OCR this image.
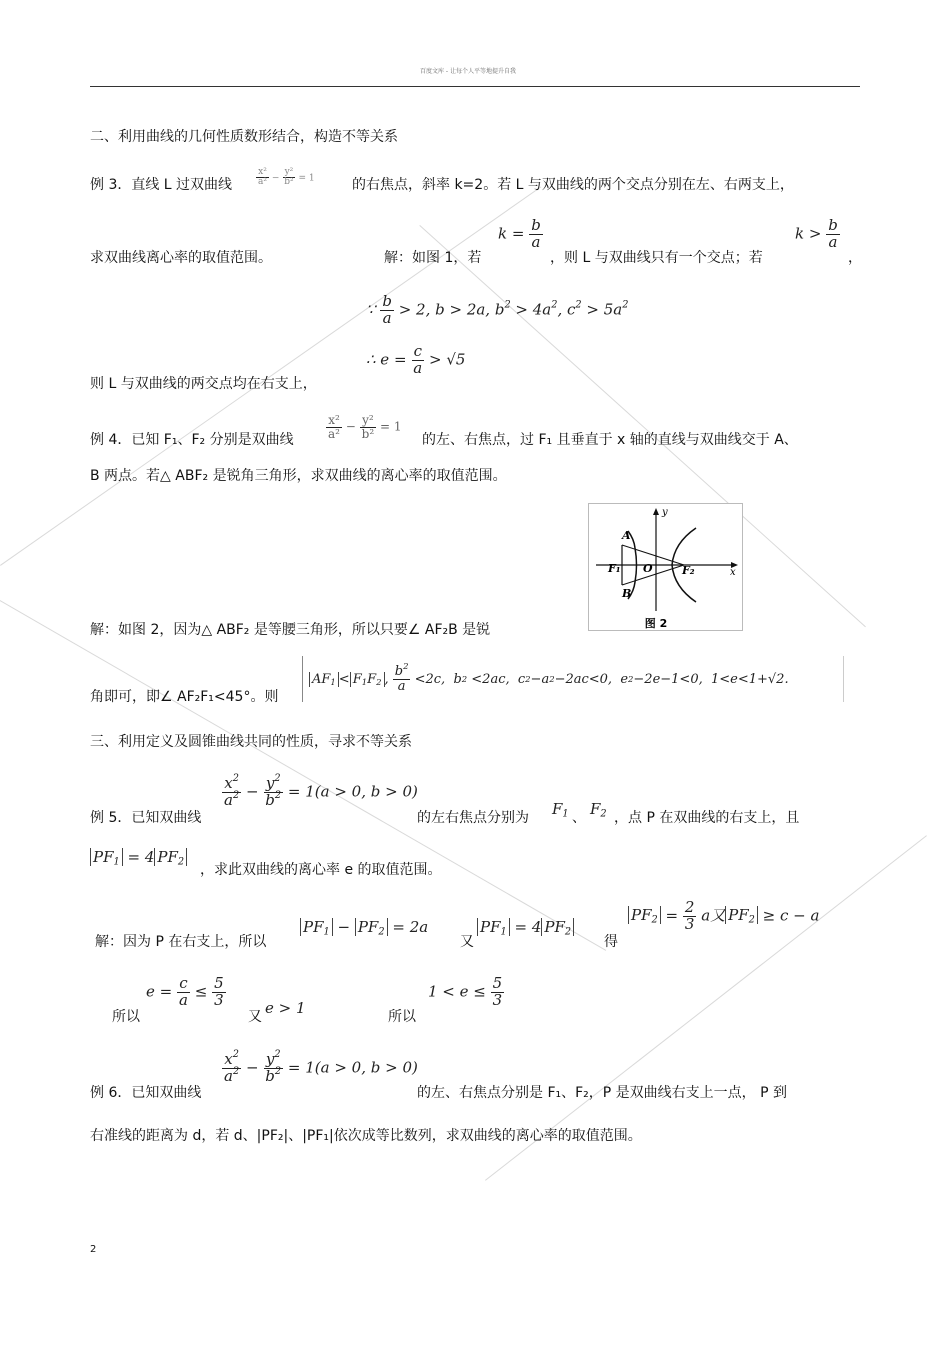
百度文库 - 让每个人平等地提升自我
二、利用曲线的几何性质数形结合，构造不等关系
例 3．直线 L 过双曲线	$\frac{\text{x²}}{\text{a²}} - \frac{\text{y²}}{\text{b²}} = 1$	的右焦点，斜率 k=2。若 L 与双曲线的两个交点分别在左、右两支上，
求双曲线离心率的取值范围。	解：如图 1，若
$k = \frac{b}{a}$
，则 L 与双曲线只有一个交点；若
$k > \frac{b}{a}$
，
∵ $\frac{b}{a} > 2$, b > 2a, $b^2 > 4a^2$, $c^2 > 5a^2$
∴ $e = \frac{c}{a} > √5$
则 L 与双曲线的两交点均在右支上，
例 4．已知 F₁、F₂ 分别是双曲线	$\frac{\text{x²}}{\text{a²}} - \frac{\text{y²}}{\text{b²}} = 1$
的左、右焦点，过 F₁ 且垂直于 x 轴的直线与双曲线交于 A、
B 两点。若△ ABF₂ 是锐角三角形，求双曲线的离心率的取值范围。
y
x
A
B
F₁ O	F₂
图 2
解：如图 2，因为△ ABF₂ 是等腰三角形，所以只要∠ AF₂B 是锐
角即可，即∠ AF₂F₁<45°。则
$AF_1 < F_1F_2$ , $\frac{b^2}{a} <2c$,  b 2 <2ac,  c 2 −a 2 −2ac<0,  e 2 −2e−1<0,  1<e<1+√2.
三、利用定义及圆锥曲线共同的性质，寻求不等关系
例 5．已知双曲线
$\frac{x^2}{a^2} - \frac{y^2}{b^2} = 1(a > 0$, b > 0)
的左右焦点分别为 $F_1$ 、 $F_2$ ，点 P 在双曲线的右支上，且
$PF_1 = 4$ $PF_2$
，求此双曲线的离心率 e 的取值范围。
解：因为 P 在右支上，所以
$PF_1 - PF_2 = 2a$
又
$PF_1 = 4$ $PF_2$
得
$PF_2 = \frac{2}{3}$ a又 $PF_2 \ge c - a$
所以
$e = \frac{c}{a} \le \frac{5}{3}$
又 e > 1	所以
$1 < e \le \frac{5}{3}$
例 6．已知双曲线
$\frac{x^2}{a^2} - \frac{y^2}{b^2} = 1(a > 0$, b > 0)
的左、右焦点分别是 F₁、F₂，P 是双曲线右支上一点， P 到
右准线的距离为 d，若 d、|PF₂|、|PF₁|依次成等比数列，求双曲线的离心率的取值范围。
2
